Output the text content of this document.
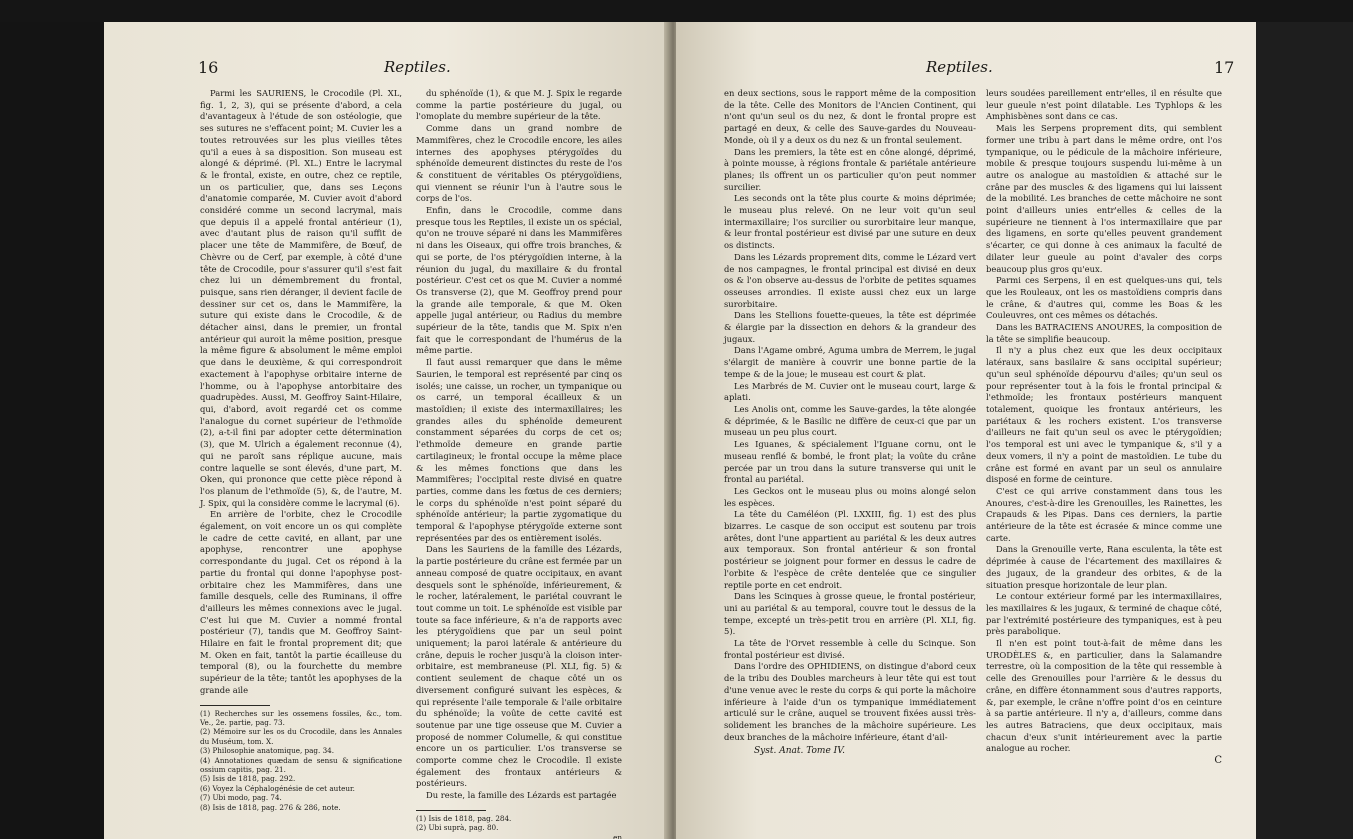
16	Reptiles.

Parmi les SAURIENS, le Crocodile (Pl. XL, fig. 1, 2, 3), qui se présente d'abord, a cela d'avantageux à l'étude de son ostéologie, que ses sutures ne s'effacent point; M. Cuvier les a toutes retrouvées sur les plus vieilles têtes qu'il a eues à sa disposition. Son museau est alongé & déprimé. (Pl. XL.) Entre le lacrymal & le frontal, existe, en outre, chez ce reptile, un os particulier, que, dans ses Leçons d'anatomie comparée, M. Cuvier avoit d'abord considéré comme un second lacrymal, mais que depuis il a appelé frontal antérieur (1), avec d'autant plus de raison qu'il suffit de placer une tête de Mammifère, de Bœuf, de Chèvre ou de Cerf, par exemple, à côté d'une tête de Crocodile, pour s'assurer qu'il s'est fait chez lui un démembrement du frontal, puisque, sans rien déranger, il devient facile de dessiner sur cet os, dans le Mammifère, la suture qui existe dans le Crocodile, & de détacher ainsi, dans le premier, un frontal antérieur qui auroit la même position, presque la même figure & absolument le même emploi que dans le deuxième, & qui correspondroit exactement à l'apophyse orbitaire interne de l'homme, ou à l'apophyse antorbitaire des quadrupèdes. Aussi, M. Geoffroy Saint-Hilaire, qui, d'abord, avoit regardé cet os comme l'analogue du cornet supérieur de l'ethmoïde (2), a-t-il fini par adopter cette détermination (3), que M. Ulrich a également reconnue (4), qui ne paroît sans réplique aucune, mais contre laquelle se sont élevés, d'une part, M. Oken, qui prononce que cette pièce répond à l'os planum de l'ethmoïde (5), &, de l'autre, M. J. Spix, qui la considère comme le lacrymal (6).

En arrière de l'orbite, chez le Crocodile également, on voit encore un os qui complète le cadre de cette cavité, en allant, par une apophyse, rencontrer une apophyse correspondante du jugal. Cet os répond à la partie du frontal qui donne l'apophyse post-orbitaire chez les Mammifères, dans une famille desquels, celle des Ruminans, il offre d'ailleurs les mêmes connexions avec le jugal. C'est lui que M. Cuvier a nommé frontal postérieur (7), tandis que M. Geoffroy Saint-Hilaire en fait le frontal proprement dit; que M. Oken en fait, tantôt la partie écailleuse du temporal (8), ou la fourchette du membre supérieur de la tête; tantôt les apophyses de la grande aile

(1) Recherches sur les ossemens fossiles, &c., tom. Ve., 2e. partie, pag. 73.
(2) Mémoire sur les os du Crocodile, dans les Annales du Muséum, tom. X.
(3) Philosophie anatomique, pag. 34.
(4) Annotationes quædam de sensu & significatione ossium capitis, pag. 21.
(5) Isis de 1818, pag. 292.
(6) Voyez la Céphalogénésie de cet auteur.
(7) Ubi modo, pag. 74.
(8) Isis de 1818, pag. 276 & 286, note.

du sphénoïde (1), & que M. J. Spix le regarde comme la partie postérieure du jugal, ou l'omoplate du membre supérieur de la tête.

Comme dans un grand nombre de Mammifères, chez le Crocodile encore, les ailes internes des apophyses ptérygoïdes du sphénoïde demeurent distinctes du reste de l'os & constituent de véritables Os ptérygoïdiens, qui viennent se réunir l'un à l'autre sous le corps de l'os.

Enfin, dans le Crocodile, comme dans presque tous les Reptiles, il existe un os spécial, qu'on ne trouve séparé ni dans les Mammifères ni dans les Oiseaux, qui offre trois branches, & qui se porte, de l'os ptérygoïdien interne, à la réunion du jugal, du maxillaire & du frontal postérieur. C'est cet os que M. Cuvier a nommé Os transverse (2), que M. Geoffroy prend pour la grande aile temporale, & que M. Oken appelle jugal antérieur, ou Radius du membre supérieur de la tête, tandis que M. Spix n'en fait que le correspondant de l'humérus de la même partie.

Il faut aussi remarquer que dans le même Saurien, le temporal est représenté par cinq os isolés; une caisse, un rocher, un tympanique ou os carré, un temporal écailleux & un mastoïdien; il existe des intermaxillaires; les grandes ailes du sphénoïde demeurent constamment séparées du corps de cet os; l'ethmoïde demeure en grande partie cartilagineux; le frontal occupe la même place & les mêmes fonctions que dans les Mammifères; l'occipital reste divisé en quatre parties, comme dans les fœtus de ces derniers; le corps du sphénoïde n'est point séparé du sphénoïde antérieur; la partie zygomatique du temporal & l'apophyse ptérygoïde externe sont représentées par des os entièrement isolés.

Dans les Sauriens de la famille des Lézards, la partie postérieure du crâne est fermée par un anneau composé de quatre occipitaux, en avant desquels sont le sphénoïde, inférieurement, & le rocher, latéralement, le pariétal couvrant le tout comme un toit. Le sphénoïde est visible par toute sa face inférieure, & n'a de rapports avec les ptérygoïdiens que par un seul point uniquement; la paroi latérale & antérieure du crâne, depuis le rocher jusqu'à la cloison inter-orbitaire, est membraneuse (Pl. XLI, fig. 5) & contient seulement de chaque côté un os diversement configuré suivant les espèces, & qui représente l'aile temporale & l'aile orbitaire du sphénoïde; la voûte de cette cavité est soutenue par une tige osseuse que M. Cuvier a proposé de nommer Columelle, & qui constitue encore un os particulier. L'os transverse se comporte comme chez le Crocodile. Il existe également des frontaux antérieurs & postérieurs.

Du reste, la famille des Lézards est partagée

(1) Isis de 1818, pag. 284.
(2) Ubi suprà, pag. 80.
en
Reptiles.	17

en deux sections, sous le rapport même de la composition de la tête. Celle des Monitors de l'Ancien Continent, qui n'ont qu'un seul os du nez, & dont le frontal propre est partagé en deux, & celle des Sauve-gardes du Nouveau-Monde, où il y a deux os du nez & un frontal seulement.

Dans les premiers, la tête est en cône alongé, déprimé, à pointe mousse, à régions frontale & pariétale antérieure planes; ils offrent un os particulier qu'on peut nommer surcilier.

Les seconds ont la tête plus courte & moins déprimée; le museau plus relevé. On ne leur voit qu'un seul intermaxillaire; l'os surcilier ou surorbitaire leur manque, & leur frontal postérieur est divisé par une suture en deux os distincts.

Dans les Lézards proprement dits, comme le Lézard vert de nos campagnes, le frontal principal est divisé en deux os & l'on observe au-dessus de l'orbite de petites squames osseuses arrondies. Il existe aussi chez eux un large surorbitaire.

Dans les Stellions fouette-queues, la tête est déprimée & élargie par la dissection en dehors & la grandeur des jugaux.

Dans l'Agame ombré, Aguma umbra de Merrem, le jugal s'élargit de manière à couvrir une bonne partie de la tempe & de la joue; le museau est court & plat.

Les Marbrés de M. Cuvier ont le museau court, large & aplati.

Les Anolis ont, comme les Sauve-gardes, la tête alongée & déprimée, & le Basilic ne diffère de ceux-ci que par un museau un peu plus court.

Les Iguanes, & spécialement l'Iguane cornu, ont le museau renflé & bombé, le front plat; la voûte du crâne percée par un trou dans la suture transverse qui unit le frontal au pariétal.

Les Geckos ont le museau plus ou moins alongé selon les espèces.

La tête du Caméléon (Pl. LXXIII, fig. 1) est des plus bizarres. Le casque de son occiput est soutenu par trois arêtes, dont l'une appartient au pariétal & les deux autres aux temporaux. Son frontal antérieur & son frontal postérieur se joignent pour former en dessus le cadre de l'orbite & l'espèce de crête dentelée que ce singulier reptile porte en cet endroit.

Dans les Scinques à grosse queue, le frontal postérieur, uni au pariétal & au temporal, couvre tout le dessus de la tempe, excepté un très-petit trou en arrière (Pl. XLI, fig. 5).

La tête de l'Orvet ressemble à celle du Scinque. Son frontal postérieur est divisé.

Dans l'ordre des OPHIDIENS, on distingue d'abord ceux de la tribu des Doubles marcheurs à leur tête qui est tout d'une venue avec le reste du corps & qui porte la mâchoire inférieure à l'aide d'un os tympanique immédiatement articulé sur le crâne, auquel se trouvent fixées aussi très-solidement les branches de la mâchoire supérieure. Les deux branches de la mâchoire inférieure, étant d'ail-

Syst. Anat. Tome IV.

leurs soudées pareillement entr'elles, il en résulte que leur gueule n'est point dilatable. Les Typhlops & les Amphisbènes sont dans ce cas.

Mais les Serpens proprement dits, qui semblent former une tribu à part dans le même ordre, ont l'os tympanique, ou le pédicule de la mâchoire inférieure, mobile & presque toujours suspendu lui-même à un autre os analogue au mastoïdien & attaché sur le crâne par des muscles & des ligamens qui lui laissent de la mobilité. Les branches de cette mâchoire ne sont point d'ailleurs unies entr'elles & celles de la supérieure ne tiennent à l'os intermaxillaire que par des ligamens, en sorte qu'elles peuvent grandement s'écarter, ce qui donne à ces animaux la faculté de dilater leur gueule au point d'avaler des corps beaucoup plus gros qu'eux.

Parmi ces Serpens, il en est quelques-uns qui, tels que les Rouleaux, ont les os mastoïdiens compris dans le crâne, & d'autres qui, comme les Boas & les Couleuvres, ont ces mêmes os détachés.

Dans les BATRACIENS ANOURES, la composition de la tête se simplifie beaucoup.

Il n'y a plus chez eux que les deux occipitaux latéraux, sans basilaire & sans occipital supérieur; qu'un seul sphénoïde dépourvu d'ailes; qu'un seul os pour représenter tout à la fois le frontal principal & l'ethmoïde; les frontaux postérieurs manquent totalement, quoique les frontaux antérieurs, les pariétaux & les rochers existent. L'os transverse d'ailleurs ne fait qu'un seul os avec le ptérygoïdien; l'os temporal est uni avec le tympanique &, s'il y a deux vomers, il n'y a point de mastoïdien. Le tube du crâne est formé en avant par un seul os annulaire disposé en forme de ceinture.

C'est ce qui arrive constamment dans tous les Anoures, c'est-à-dire les Grenouilles, les Rainettes, les Crapauds & les Pipas. Dans ces derniers, la partie antérieure de la tête est écrasée & mince comme une carte.

Dans la Grenouille verte, Rana esculenta, la tête est déprimée à cause de l'écartement des maxillaires & des jugaux, de la grandeur des orbites, & de la situation presque horizontale de leur plan.

Le contour extérieur formé par les intermaxillaires, les maxillaires & les jugaux, & terminé de chaque côté, par l'extrémité postérieure des tympaniques, est à peu près parabolique.

Il n'en est point tout-à-fait de même dans les URODÈLES &, en particulier, dans la Salamandre terrestre, où la composition de la tête qui ressemble à celle des Grenouilles pour l'arrière & le dessus du crâne, en diffère étonnamment sous d'autres rapports, &, par exemple, le crâne n'offre point d'os en ceinture à sa partie antérieure. Il n'y a, d'ailleurs, comme dans les autres Batraciens, que deux occipitaux, mais chacun d'eux s'unit intérieurement avec la partie analogue au rocher.

C
